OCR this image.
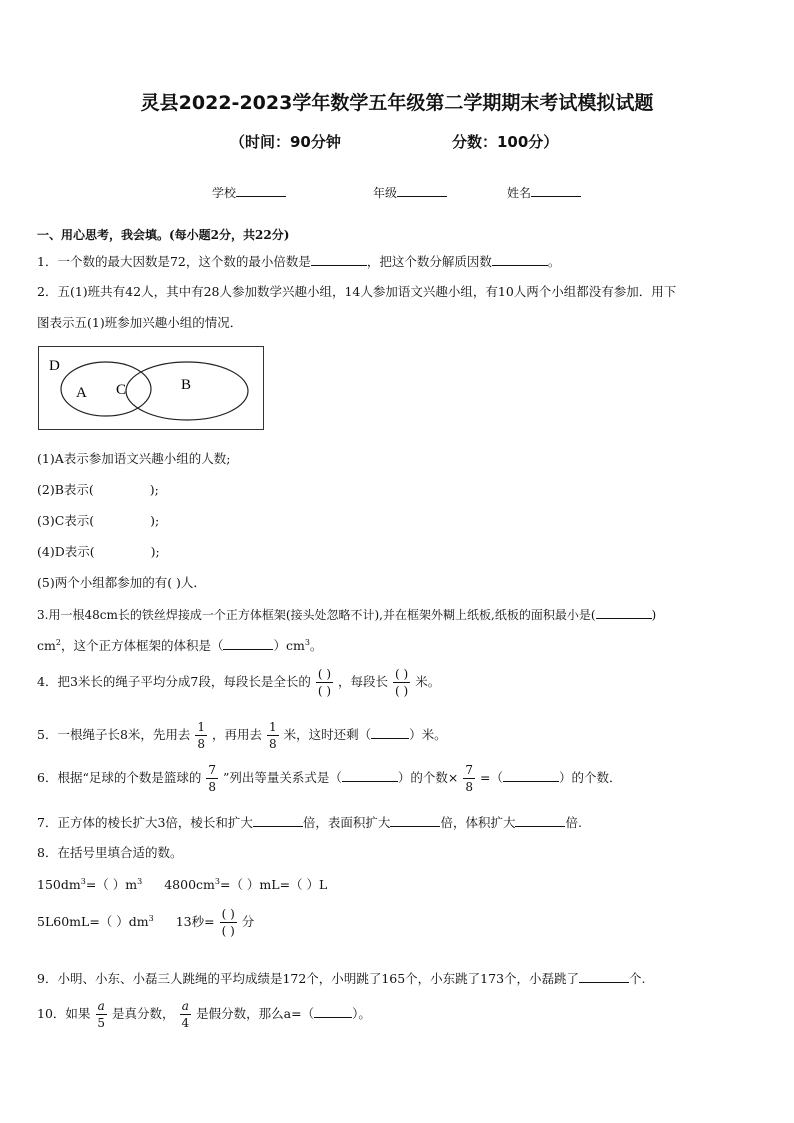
灵县2022-2023学年数学五年级第二学期期末考试模拟试题
（时间：90分钟	分数：100分）
学校	年级	姓名
一、用心思考，我会填。(每小题2分，共22分)
1．一个数的最大因数是72，这个数的最小倍数是	，把这个数分解质因数	。
2．五(1)班共有42人，其中有28人参加数学兴趣小组，14人参加语文兴趣小组，有10人两个小组都没有参加．用下
图表示五(1)班参加兴趣小组的情况．
D
A C	B
(1)A表示参加语文兴趣小组的人数;
(2)B表示(	);
(3)C表示(	);
(4)D表示(	);
(5)两个小组都参加的有( )人．
3.用一根48cm长的铁丝焊接成一个正方体框架(接头处忽略不计),并在框架外糊上纸板,纸板的面积最小是(	)
$cm^2$，这个正方体框架的体积是（	）$cm^3$。
4．把3米长的绳子平均分成7段，每段长是全长的 $\frac{( )}{( )}$ ，每段长 $\frac{( )}{( )}$ 米。
5．一根绳子长8米，先用去 $\frac{1}{8}$ ，再用去 $\frac{1}{8}$ 米，这时还剩（	）米。
6．根据“足球的个数是篮球的 $\frac{7}{8}$ ”列出等量关系式是（	）的个数× $\frac{7}{8}$ =（	）的个数．
7．正方体的棱长扩大3倍，棱长和扩大	倍，表面积扩大	倍，体积扩大	倍.
8．在括号里填合适的数。
$150dm^3=$（ ）$m^3$ $4800cm^3=$（ ）mL=（ ）L
5L60mL=（ ）$dm^3$ 13秒= $\frac{( )}{( )}$ 分
9．小明、小东、小磊三人跳绳的平均成绩是172个，小明跳了165个，小东跳了173个，小磊跳了	个.
10．如果 $\frac{a}{5}$ 是真分数， $\frac{a}{4}$ 是假分数，那么a=（	）。
